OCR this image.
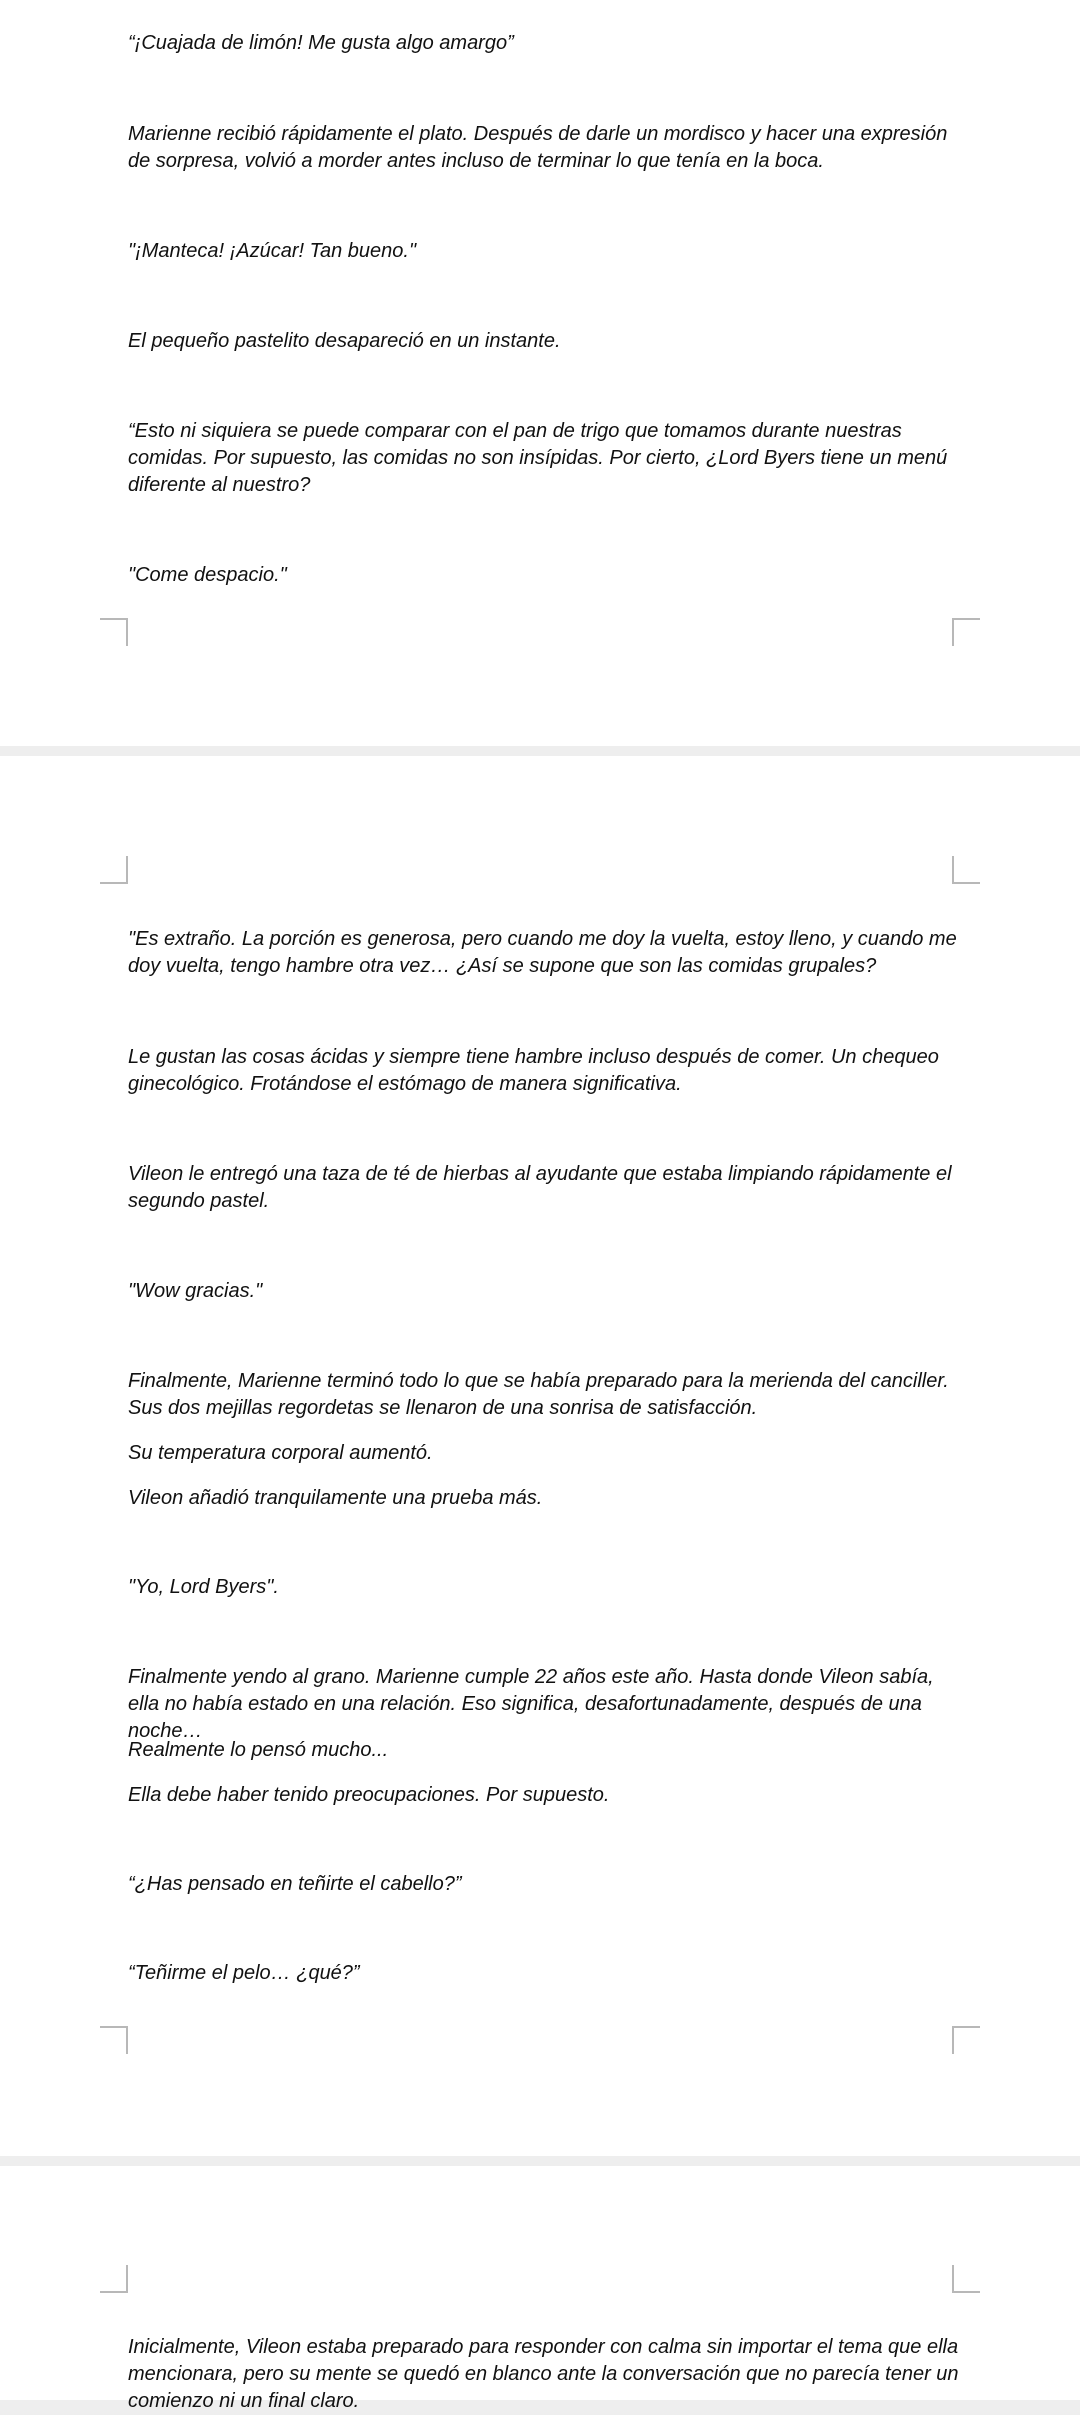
“¡Cuajada de limón! Me gusta algo amargo”

Marienne recibió rápidamente el plato. Después de darle un mordisco y hacer una expresión de sorpresa, volvió a morder antes incluso de terminar lo que tenía en la boca.

"¡Manteca! ¡Azúcar! Tan bueno."

El pequeño pastelito desapareció en un instante.

“Esto ni siquiera se puede comparar con el pan de trigo que tomamos durante nuestras comidas. Por supuesto, las comidas no son insípidas. Por cierto, ¿Lord Byers tiene un menú diferente al nuestro?

"Come despacio."

"Es extraño. La porción es generosa, pero cuando me doy la vuelta, estoy lleno, y cuando me doy vuelta, tengo hambre otra vez… ¿Así se supone que son las comidas grupales?

Le gustan las cosas ácidas y siempre tiene hambre incluso después de comer. Un chequeo ginecológico. Frotándose el estómago de manera significativa.

Vileon le entregó una taza de té de hierbas al ayudante que estaba limpiando rápidamente el segundo pastel.

"Wow gracias."

Finalmente, Marienne terminó todo lo que se había preparado para la merienda del canciller. Sus dos mejillas regordetas se llenaron de una sonrisa de satisfacción.

Su temperatura corporal aumentó.

Vileon añadió tranquilamente una prueba más.

"Yo, Lord Byers".

Finalmente yendo al grano. Marienne cumple 22 años este año. Hasta donde Vileon sabía, ella no había estado en una relación. Eso significa, desafortunadamente, después de una noche…

Realmente lo pensó mucho...

Ella debe haber tenido preocupaciones. Por supuesto.

“¿Has pensado en teñirte el cabello?”

“Teñirme el pelo… ¿qué?”

Inicialmente, Vileon estaba preparado para responder con calma sin importar el tema que ella mencionara, pero su mente se quedó en blanco ante la conversación que no parecía tener un comienzo ni un final claro.
